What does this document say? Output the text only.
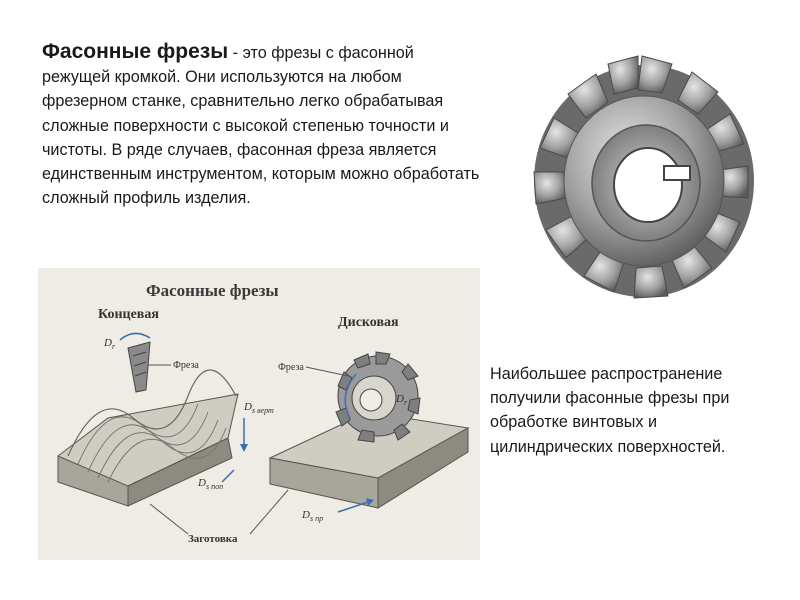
Фасонные фрезы - это фрезы с фасонной режущей кромкой. Они используются на любом фрезерном станке, сравнительно легко обрабатывая сложные поверхности с высокой степенью точности и чистоты. В ряде случаев, фасонная фреза является единственным инструментом, которым можно обработать сложный профиль изделия.
Фасонные фрезы
Концевая
Дисковая
$D_r$
Фреза
$D_r$
Фреза
$D_{s верт}$
$D_{s поп}$
$D_{s пр}$
Заготовка
Наибольшее распространение получили фасонные фрезы при обработке винтовых и цилиндрических поверхностей.
